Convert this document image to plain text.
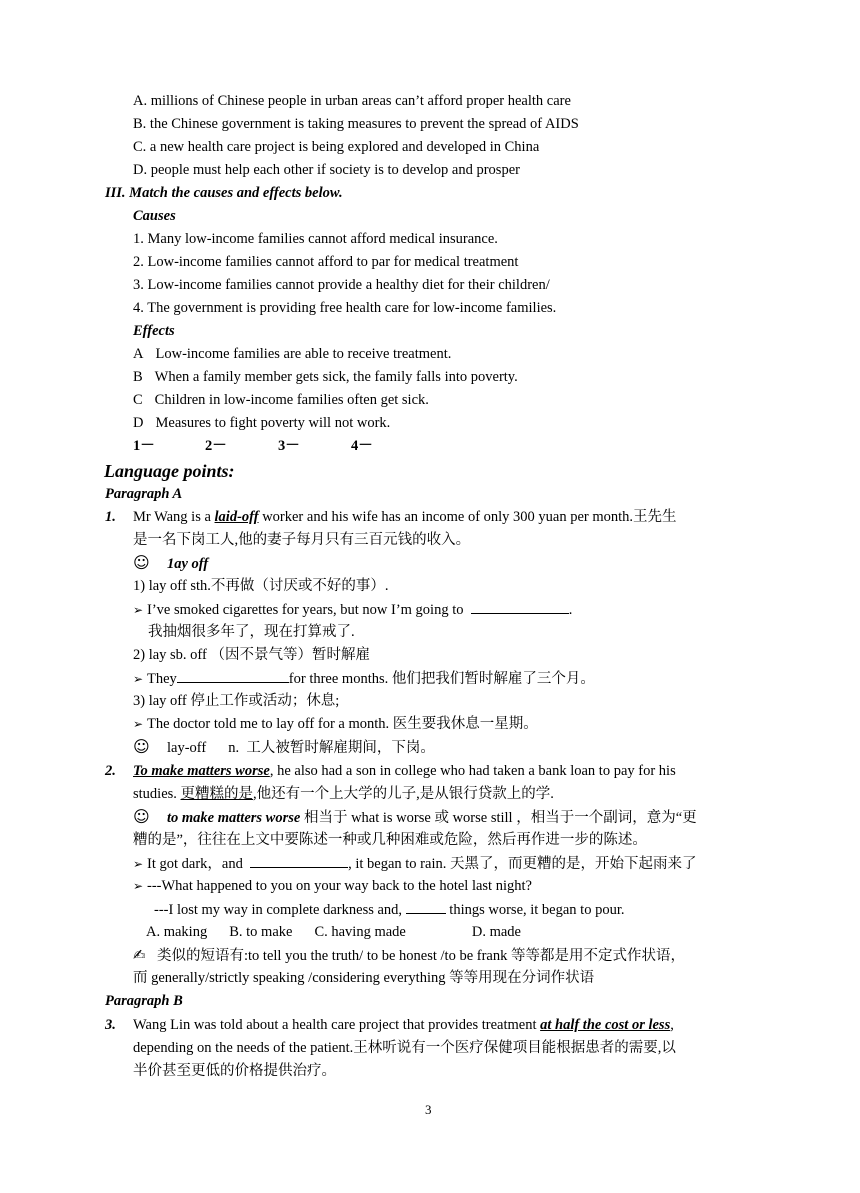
A. millions of Chinese people in urban areas can’t afford proper health care
B. the Chinese government is taking measures to prevent the spread of AIDS
C. a new health care project is being explored and developed in China
D. people must help each other if society is to develop and prosper
III. Match the causes and effects below.
Causes
1. Many low-income families cannot afford medical insurance.
2. Low-income families cannot afford to par for medical treatment
3. Low-income families cannot provide a healthy diet for their children/
4. The government is providing free health care for low-income families.
Effects
A Low-income families are able to receive treatment.
B When a family member gets sick, the family falls into poverty.
C Children in low-income families often get sick.
D Measures to fight poverty will not work.
1－	2－	3－	4－
Language points:
Paragraph A
1. Mr Wang is a laid-off worker and his wife has an income of only 300 yuan per month.王先生
是一名下岗工人,他的妻子每月只有三百元钱的收入。
☺ 1ay off
1) lay off sth.不再做（讨厌或不好的事）.
➢ I’ve smoked cigarettes for years, but now I’m going to	.
我抽烟很多年了，现在打算戒了.
2) lay sb. off （因不景气等）暂时解雇
➢ They	for three months. 他们把我们暂时解雇了三个月。
3) lay off 停止工作或活动；休息;
➢ The doctor told me to lay off for a month. 医生要我休息一星期。
☺ lay-off n. 工人被暂时解雇期间，下岗。
2. To make matters worse, he also had a son in college who had taken a bank loan to pay for his
studies. 更糟糕的是,他还有一个上大学的儿子,是从银行贷款上的学.
☺ to make matters worse 相当于 what is worse 或 worse still ，相当于一个副词，意为“更
糟的是”，往往在上文中要陈述一种或几种困难或危险，然后再作进一步的陈述。
➢ It got dark，and	, it began to rain. 天黑了，而更糟的是，开始下起雨来了
➢ ---What happened to you on your way back to the hotel last night?
---I lost my way in complete darkness and,	things worse, it began to pour.
A. making B. to make C. having made	D. made
✍ 类似的短语有:to tell you the truth/ to be honest /to be frank 等等都是用不定式作状语，
而 generally/strictly speaking /considering everything 等等用现在分词作状语
Paragraph B
3. Wang Lin was told about a health care project that provides treatment at half the cost or less,
depending on the needs of the patient.王林听说有一个医疗保健项目能根据患者的需要,以
半价甚至更低的价格提供治疗。
3
